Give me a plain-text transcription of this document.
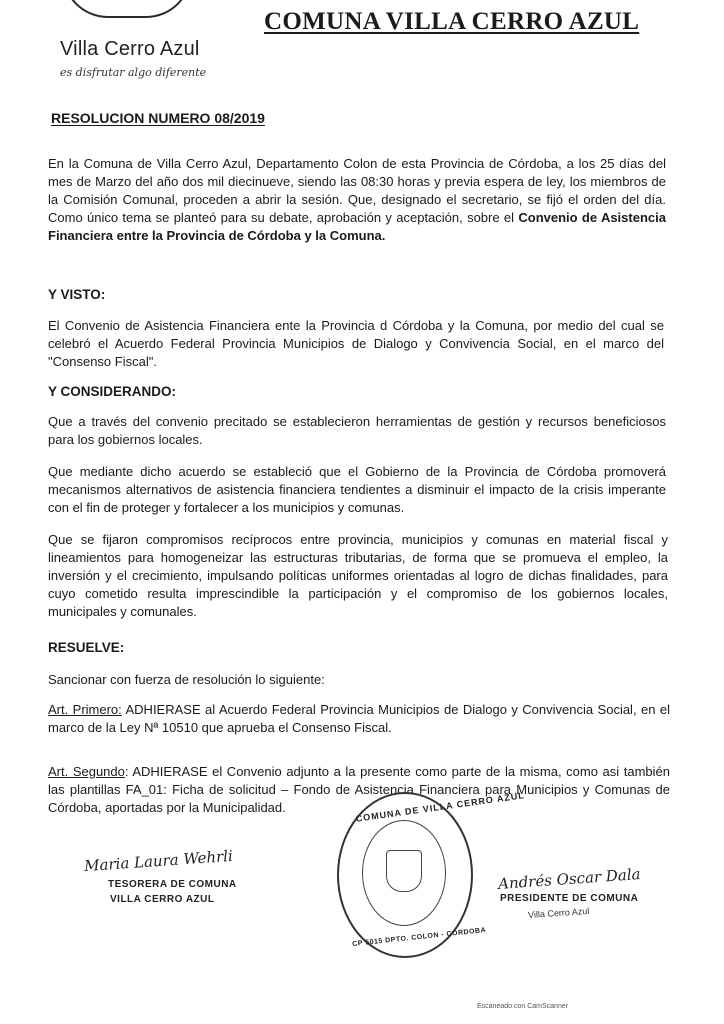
Villa Cerro Azul
es disfrutar algo diferente
COMUNA VILLA CERRO AZUL
RESOLUCION NUMERO 08/2019
En la Comuna de Villa Cerro Azul, Departamento Colon de esta Provincia de Córdoba, a los 25 días del mes de Marzo del año dos mil diecinueve, siendo las 08:30 horas y previa espera de ley, los miembros de la Comisión Comunal, proceden a abrir la sesión. Que, designado el secretario, se fijó el orden del día. Como único tema se planteó para su debate, aprobación y aceptación, sobre el Convenio de Asistencia Financiera entre la Provincia de Córdoba y la Comuna.
Y VISTO:
El Convenio de Asistencia Financiera ente la Provincia d Córdoba y la Comuna, por medio del cual se celebró el Acuerdo Federal Provincia Municipios de Dialogo y Convivencia Social, en el marco del "Consenso Fiscal".
Y CONSIDERANDO:
Que a través del convenio precitado se establecieron herramientas de gestión y recursos beneficiosos para los gobiernos locales.
Que mediante dicho acuerdo se estableció que el Gobierno de la Provincia de Córdoba promoverá mecanismos alternativos de asistencia financiera tendientes a disminuir el impacto de la crisis imperante con el fin de proteger y fortalecer a los municipios y comunas.
Que se fijaron compromisos recíprocos entre provincia, municipios y comunas en material fiscal y lineamientos para homogeneizar las estructuras tributarias, de forma que se promueva el empleo, la inversión y el crecimiento, impulsando políticas uniformes orientadas al logro de dichas finalidades, para cuyo cometido resulta imprescindible la participación y el compromiso de los gobiernos locales, municipales y comunales.
RESUELVE:
Sancionar con fuerza de resolución lo siguiente:
Art. Primero: ADHIERASE al Acuerdo Federal Provincia Municipios de Dialogo y Convivencia Social, en el marco de la Ley Nª 10510 que aprueba el Consenso Fiscal.
Art. Segundo: ADHIERASE el Convenio adjunto a la presente como parte de la misma, como asi también las plantillas FA_01: Ficha de solicitud – Fondo de Asistencia Financiera para Municipios y Comunas de Córdoba, aportadas por la Municipalidad.
Maria Laura Wehrli
TESORERA DE COMUNA
VILLA CERRO AZUL
COMUNA DE VILLA CERRO AZUL
CP 5015 DPTO. COLON - CORDOBA
Andrés Oscar Dala
PRESIDENTE DE COMUNA
Villa Cerro Azul
Escaneado con CamScanner
